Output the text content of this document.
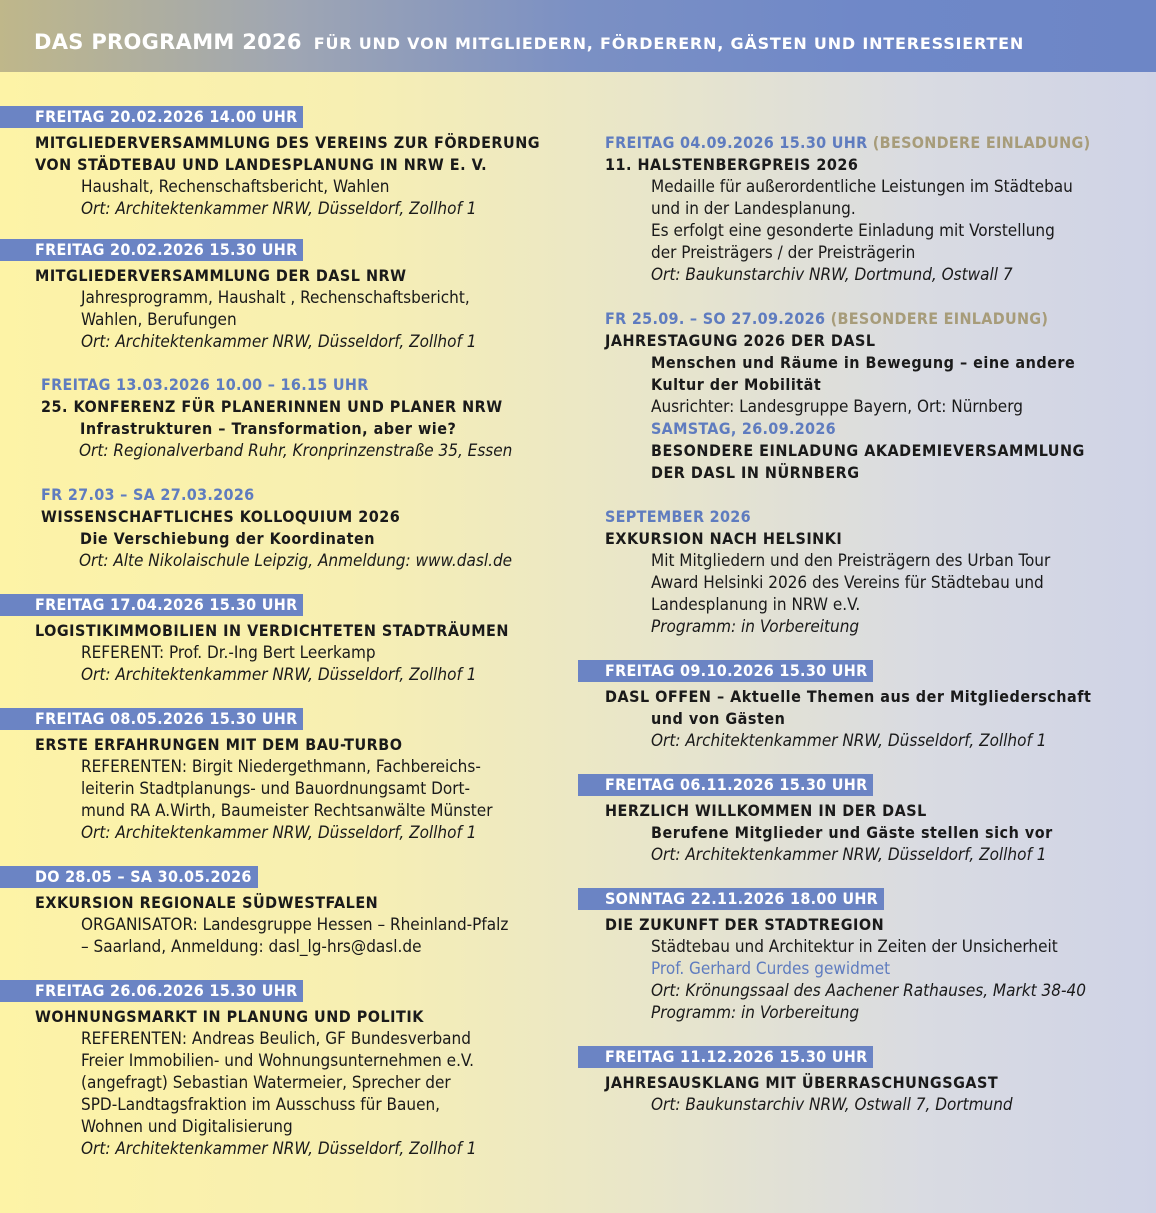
DAS PROGRAMM 2026 FÜR UND VON MITGLIEDERN, FÖRDERERN, GÄSTEN UND INTERESSIERTEN
FREITAG 20.02.2026 14.00 UHR
MITGLIEDERVERSAMMLUNG DES VEREINS ZUR FÖRDERUNG
VON STÄDTEBAU UND LANDESPLANUNG IN NRW E. V.
Haushalt, Rechenschaftsbericht, Wahlen
Ort: Architektenkammer NRW, Düsseldorf, Zollhof 1
FREITAG 20.02.2026 15.30 UHR
MITGLIEDERVERSAMMLUNG DER DASL NRW
Jahresprogramm, Haushalt , Rechenschaftsbericht,
Wahlen, Berufungen
Ort: Architektenkammer NRW, Düsseldorf, Zollhof 1
FREITAG 13.03.2026 10.00 – 16.15 UHR
25. KONFERENZ FÜR PLANERINNEN UND PLANER NRW
Infrastrukturen – Transformation, aber wie?
Ort: Regionalverband Ruhr, Kronprinzenstraße 35, Essen
FR 27.03 – SA 27.03.2026
WISSENSCHAFTLICHES KOLLOQUIUM 2026
Die Verschiebung der Koordinaten
Ort: Alte Nikolaischule Leipzig, Anmeldung: www.dasl.de
FREITAG 17.04.2026 15.30 UHR
LOGISTIKIMMOBILIEN IN VERDICHTETEN STADTRÄUMEN
REFERENT: Prof. Dr.-Ing Bert Leerkamp
Ort: Architektenkammer NRW, Düsseldorf, Zollhof 1
FREITAG 08.05.2026 15.30 UHR
ERSTE ERFAHRUNGEN MIT DEM BAU-TURBO
REFERENTEN: Birgit Niedergethmann, Fachbereichs-
leiterin Stadtplanungs- und Bauordnungsamt Dort-
mund RA A.Wirth, Baumeister Rechtsanwälte Münster
Ort: Architektenkammer NRW, Düsseldorf, Zollhof 1
DO 28.05 – SA 30.05.2026
EXKURSION REGIONALE SÜDWESTFALEN
ORGANISATOR: Landesgruppe Hessen – Rheinland-Pfalz
– Saarland, Anmeldung: dasl_lg-hrs@dasl.de
FREITAG 26.06.2026 15.30 UHR
WOHNUNGSMARKT IN PLANUNG UND POLITIK
REFERENTEN: Andreas Beulich, GF Bundesverband
Freier Immobilien- und Wohnungsunternehmen e.V.
(angefragt) Sebastian Watermeier, Sprecher der
SPD-Landtagsfraktion im Ausschuss für Bauen,
Wohnen und Digitalisierung
Ort: Architektenkammer NRW, Düsseldorf, Zollhof 1
FREITAG 04.09.2026 15.30 UHR (BESONDERE EINLADUNG)
11. HALSTENBERGPREIS 2026
Medaille für außerordentliche Leistungen im Städtebau
und in der Landesplanung.
Es erfolgt eine gesonderte Einladung mit Vorstellung
der Preisträgers / der Preisträgerin
Ort: Baukunstarchiv NRW, Dortmund, Ostwall 7
FR 25.09. – SO 27.09.2026 (BESONDERE EINLADUNG)
JAHRESTAGUNG 2026 DER DASL
Menschen und Räume in Bewegung – eine andere
Kultur der Mobilität
Ausrichter: Landesgruppe Bayern, Ort: Nürnberg
SAMSTAG, 26.09.2026
BESONDERE EINLADUNG AKADEMIEVERSAMMLUNG
DER DASL IN NÜRNBERG
SEPTEMBER 2026
EXKURSION NACH HELSINKI
Mit Mitgliedern und den Preisträgern des Urban Tour
Award Helsinki 2026 des Vereins für Städtebau und
Landesplanung in NRW e.V.
Programm: in Vorbereitung
FREITAG 09.10.2026 15.30 UHR
DASL OFFEN – Aktuelle Themen aus der Mitgliederschaft
und von Gästen
Ort: Architektenkammer NRW, Düsseldorf, Zollhof 1
FREITAG 06.11.2026 15.30 UHR
HERZLICH WILLKOMMEN IN DER DASL
Berufene Mitglieder und Gäste stellen sich vor
Ort: Architektenkammer NRW, Düsseldorf, Zollhof 1
SONNTAG 22.11.2026 18.00 UHR
DIE ZUKUNFT DER STADTREGION
Städtebau und Architektur in Zeiten der Unsicherheit
Prof. Gerhard Curdes gewidmet
Ort: Krönungssaal des Aachener Rathauses, Markt 38-40
Programm: in Vorbereitung
FREITAG 11.12.2026 15.30 UHR
JAHRESAUSKLANG MIT ÜBERRASCHUNGSGAST
Ort: Baukunstarchiv NRW, Ostwall 7, Dortmund
